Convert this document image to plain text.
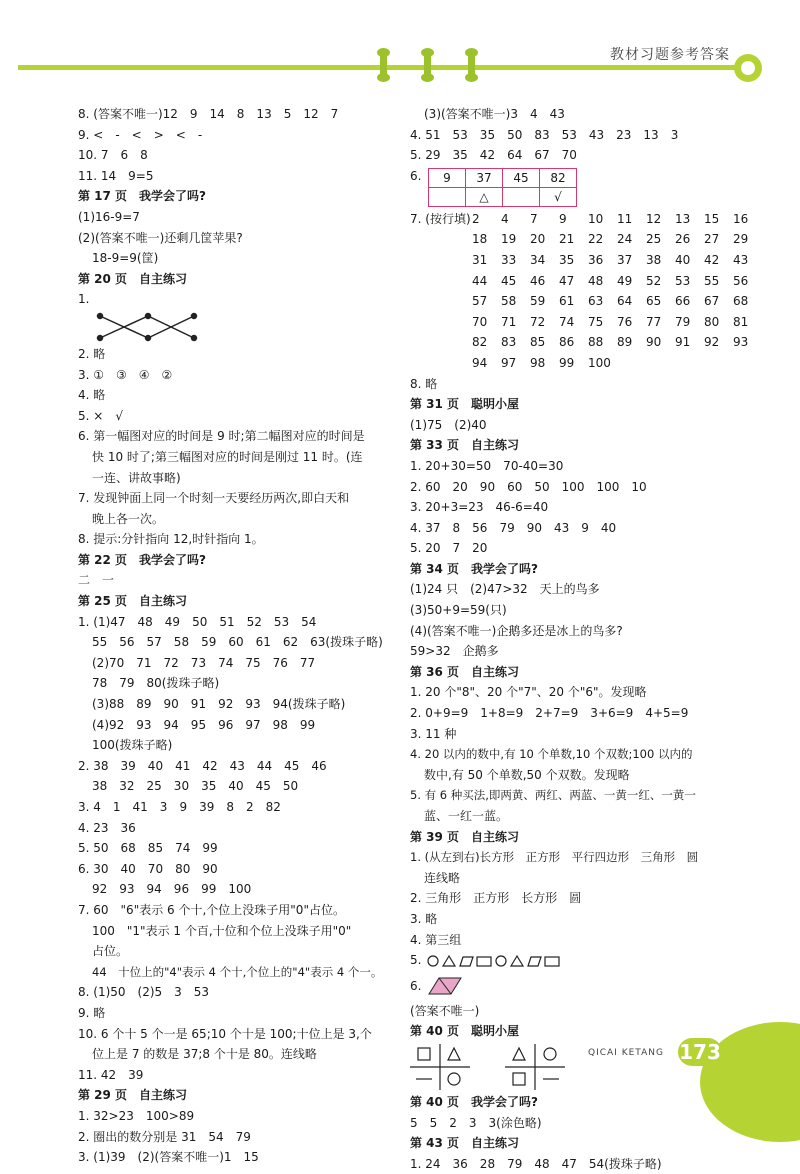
教材习题参考答案
8. (答案不唯一)12　9　14　8　13　5　12　7
9. <　-　<　>　<　-
10. 7　6　8
11. 14　9=5
第 17 页　我学会了吗?
(1)16-9=7
(2)(答案不唯一)还剩几筐苹果?
18-9=9(筐)
第 20 页　自主练习
1.
2. 略
3. ①　③　④　②
4. 略
5. ×　√
6. 第一幅图对应的时间是 9 时;第二幅图对应的时间是
快 10 时了;第三幅图对应的时间是刚过 11 时。(连
一连、讲故事略)
7. 发现钟面上同一个时刻一天要经历两次,即白天和
晚上各一次。
8. 提示:分针指向 12,时针指向 1。
第 22 页　我学会了吗?
二　一
第 25 页　自主练习
1. (1)47　48　49　50　51　52　53　54
55　56　57　58　59　60　61　62　63(拨珠子略)
(2)70　71　72　73　74　75　76　77
78　79　80(拨珠子略)
(3)88　89　90　91　92　93　94(拨珠子略)
(4)92　93　94　95　96　97　98　99
100(拨珠子略)
2. 38　39　40　41　42　43　44　45　46
38　32　25　30　35　40　45　50
3. 4　1　41　3　9　39　8　2　82
4. 23　36
5. 50　68　85　74　99
6. 30　40　70　80　90
92　93　94　96　99　100
7. 60　"6"表示 6 个十,个位上没珠子用"0"占位。
100　"1"表示 1 个百,十位和个位上没珠子用"0"
占位。
44　十位上的"4"表示 4 个十,个位上的"4"表示 4 个一。
8. (1)50　(2)5　3　53
9. 略
10. 6 个十 5 个一是 65;10 个十是 100;十位上是 3,个
位上是 7 的数是 37;8 个十是 80。连线略
11. 42　39
第 29 页　自主练习
1. 32>23　100>89
2. 圈出的数分别是 31　54　79
3. (1)39　(2)(答案不唯一)1　15
(3)(答案不唯一)3　4　43
4. 51　53　35　50　83　53　43　23　13　3
5. 29　35　42　64　67　70
6.	9	37	45	82
	△		√
7. (按行填) 2	4	7	9	10	11	12	13	15	16
18	19	20	21	22	24	25	26	27	29
31	33	34	35	36	37	38	40	42	43
44	45	46	47	48	49	52	53	55	56
57	58	59	61	63	64	65	66	67	68
70	71	72	74	75	76	77	79	80	81
82	83	85	86	88	89	90	91	92	93
94	97	98	99	100
8. 略
第 31 页　聪明小屋
(1)75　(2)40
第 33 页　自主练习
1. 20+30=50　70-40=30
2. 60　20　90　60　50　100　100　10
3. 20+3=23　46-6=40
4. 37　8　56　79　90　43　9　40
5. 20　7　20
第 34 页　我学会了吗?
(1)24 只　(2)47>32　天上的鸟多
(3)50+9=59(只)
(4)(答案不唯一)企鹅多还是冰上的鸟多?
59>32　企鹅多
第 36 页　自主练习
1. 20 个"8"、20 个"7"、20 个"6"。发现略
2. 0+9=9　1+8=9　2+7=9　3+6=9　4+5=9
3. 11 种
4. 20 以内的数中,有 10 个单数,10 个双数;100 以内的
数中,有 50 个单数,50 个双数。发现略
5. 有 6 种买法,即两黄、两红、两蓝、一黄一红、一黄一
蓝、一红一蓝。
第 39 页　自主练习
1. (从左到右)长方形　正方形　平行四边形　三角形　圆
连线略
2. 三角形　正方形　长方形　圆
3. 略
4. 第三组
5.
6.
(答案不唯一)
第 40 页　聪明小屋
第 40 页　我学会了吗?
5　5　2　3　3(涂色略)
第 43 页　自主练习
1. 24　36　28　79　48　47　54(拨珠子略)
QICAI KETANG 173
